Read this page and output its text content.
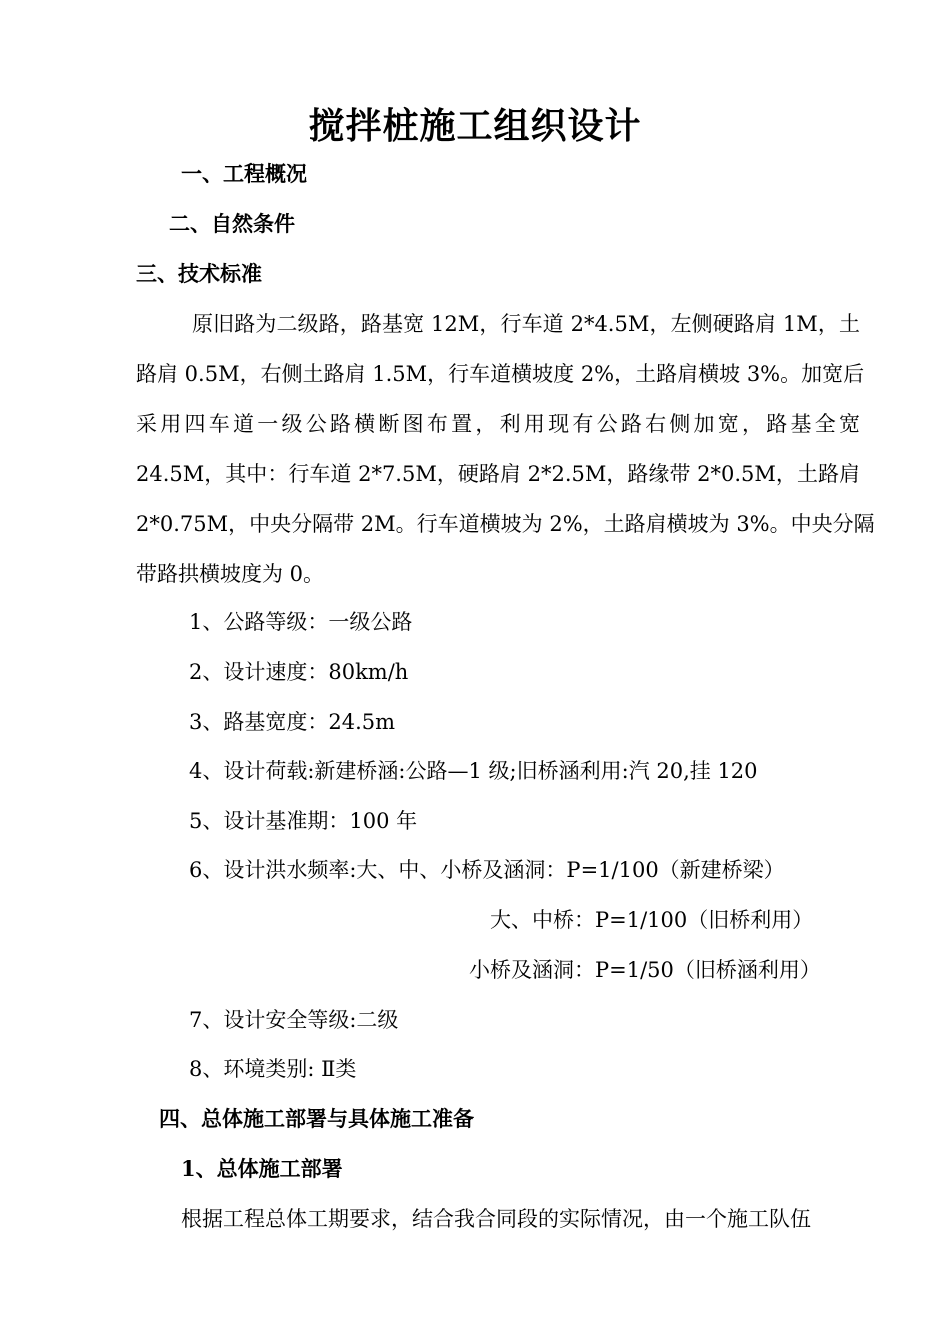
搅拌桩施工组织设计
一、工程概况
二、自然条件
三、技术标准
原旧路为二级路，路基宽 12M，行车道 2*4.5M，左侧硬路肩 1M，土
路肩 0.5M，右侧土路肩 1.5M，行车道横坡度 2%，土路肩横坡 3%。加宽后
采用四车道一级公路横断图布置，利用现有公路右侧加宽，路基全宽
24.5M，其中：行车道 2*7.5M，硬路肩 2*2.5M，路缘带 2*0.5M，土路肩
2*0.75M，中央分隔带 2M。行车道横坡为 2%，土路肩横坡为 3%。中央分隔
带路拱横坡度为 0。
1、公路等级：一级公路
2、设计速度：80km/h
3、路基宽度：24.5m
4、设计荷载:新建桥涵:公路—1 级;旧桥涵利用:汽 20,挂 120
5、设计基准期：100 年
6、设计洪水频率:大、中、小桥及涵洞：P=1/100（新建桥梁）
大、中桥：P=1/100（旧桥利用）
小桥及涵洞：P=1/50（旧桥涵利用）
7、设计安全等级:二级
8、环境类别: Ⅱ类
四、总体施工部署与具体施工准备
1、总体施工部署
根据工程总体工期要求，结合我合同段的实际情况，由一个施工队伍
